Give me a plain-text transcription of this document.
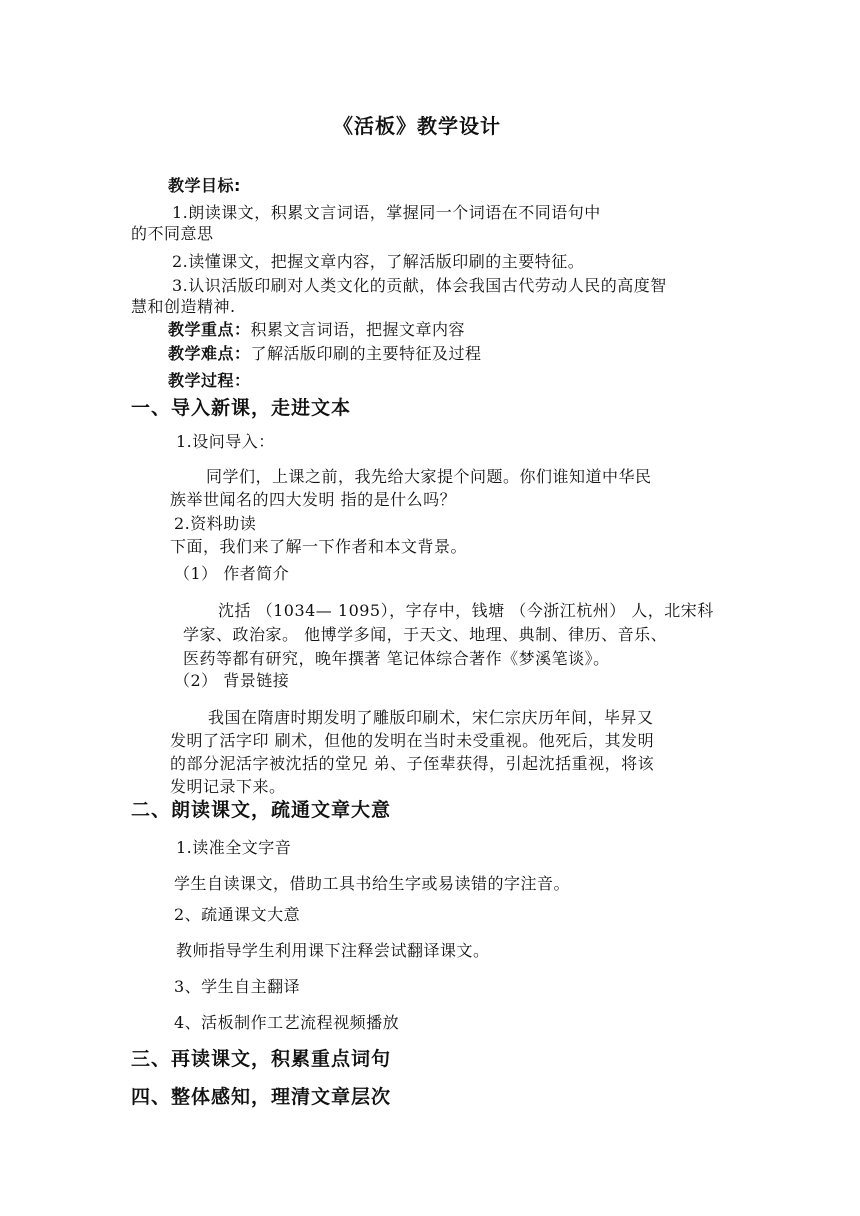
《活板》教学设计
教学目标:
1.朗读课文，积累文言词语，掌握同一个词语在不同语句中
的不同意思
2.读懂课文，把握文章内容，了解活版印刷的主要特征。
3.认识活版印刷对人类文化的贡献，体会我国古代劳动人民的高度智
慧和创造精神.
教学重点：积累文言词语，把握文章内容
教学难点：了解活版印刷的主要特征及过程
教学过程：
一、导入新课，走进文本
1.设问导入：
同学们，上课之前，我先给大家提个问题。你们谁知道中华民
族举世闻名的四大发明 指的是什么吗？
2.资料助读
下面，我们来了解一下作者和本文背景。
（1） 作者简介
沈括 （1034— 1095），字存中，钱塘 （今浙江杭州） 人，北宋科
学家、政治家。 他博学多闻，于天文、地理、典制、律历、音乐、
医药等都有研究，晚年撰著 笔记体综合著作《梦溪笔谈》。
（2） 背景链接
我国在隋唐时期发明了雕版印刷术，宋仁宗庆历年间，毕昇又
发明了活字印 刷术，但他的发明在当时未受重视。他死后，其发明
的部分泥活字被沈括的堂兄 弟、子侄辈获得，引起沈括重视，将该
发明记录下来。
二、朗读课文，疏通文章大意
1.读准全文字音
学生自读课文，借助工具书给生字或易读错的字注音。
2、疏通课文大意
教师指导学生利用课下注释尝试翻译课文。
3、学生自主翻译
4、活板制作工艺流程视频播放
三、再读课文，积累重点词句
四、整体感知，理清文章层次
